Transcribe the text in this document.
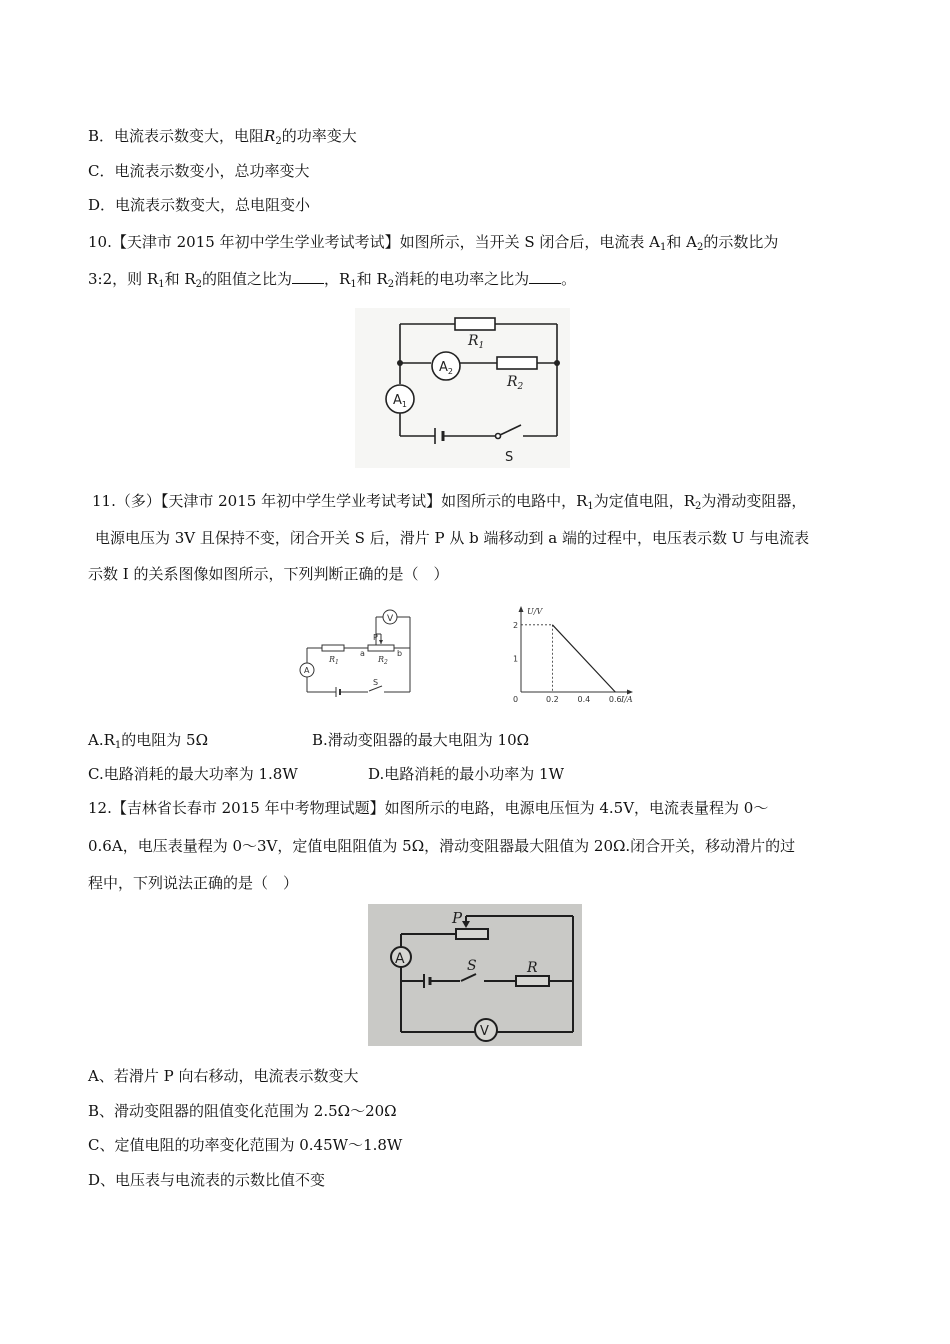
B．电流表示数变大，电阻$R_2$的功率变大
C．电流表示数变小，总功率变大
D．电流表示数变大，总电阻变小
10.【天津市 2015 年初中学生学业考试考试】如图所示，当开关 S 闭合后，电流表 $A_1$和 $A_2$的示数比为
3:2，则 $R_1$和 $R_2$的阻值之比为 ，$R_1$和 $R_2$消耗的电功率之比为 。
$R_1$
$R_2$
$A_2$
$A_1$
S
11.（多）【天津市 2015 年初中学生学业考试考试】如图所示的电路中，$R_1$为定值电阻，$R_2$为滑动变阻器，
电源电压为 3V 且保持不变，闭合开关 S 后，滑片 P 从 b 端移动到 a 端的过程中，电压表示数 U 与电流表
示数 I 的关系图像如图所示，下列判断正确的是（　）
V
P
$R_1$	$R_2$
a	b
A
S
U/V
I/A
2
1
0	0.2 0.4 0.6
$A.R_1$的电阻为 5Ω	B.滑动变阻器的最大电阻为 10Ω
C.电路消耗的最大功率为 1.8W	D.电路消耗的最小功率为 1W
12.【吉林省长春市 2015 年中考物理试题】如图所示的电路，电源电压恒为 4.5V，电流表量程为 0～
0.6A，电压表量程为 0～3V，定值电阻阻值为 5Ω，滑动变阻器最大阻值为 20Ω.闭合开关，移动滑片的过
程中，下列说法正确的是（　）
P
A	S	R
V
A、若滑片 P 向右移动，电流表示数变大
B、滑动变阻器的阻值变化范围为 2.5Ω～20Ω
C、定值电阻的功率变化范围为 0.45W～1.8W
D、电压表与电流表的示数比值不变
